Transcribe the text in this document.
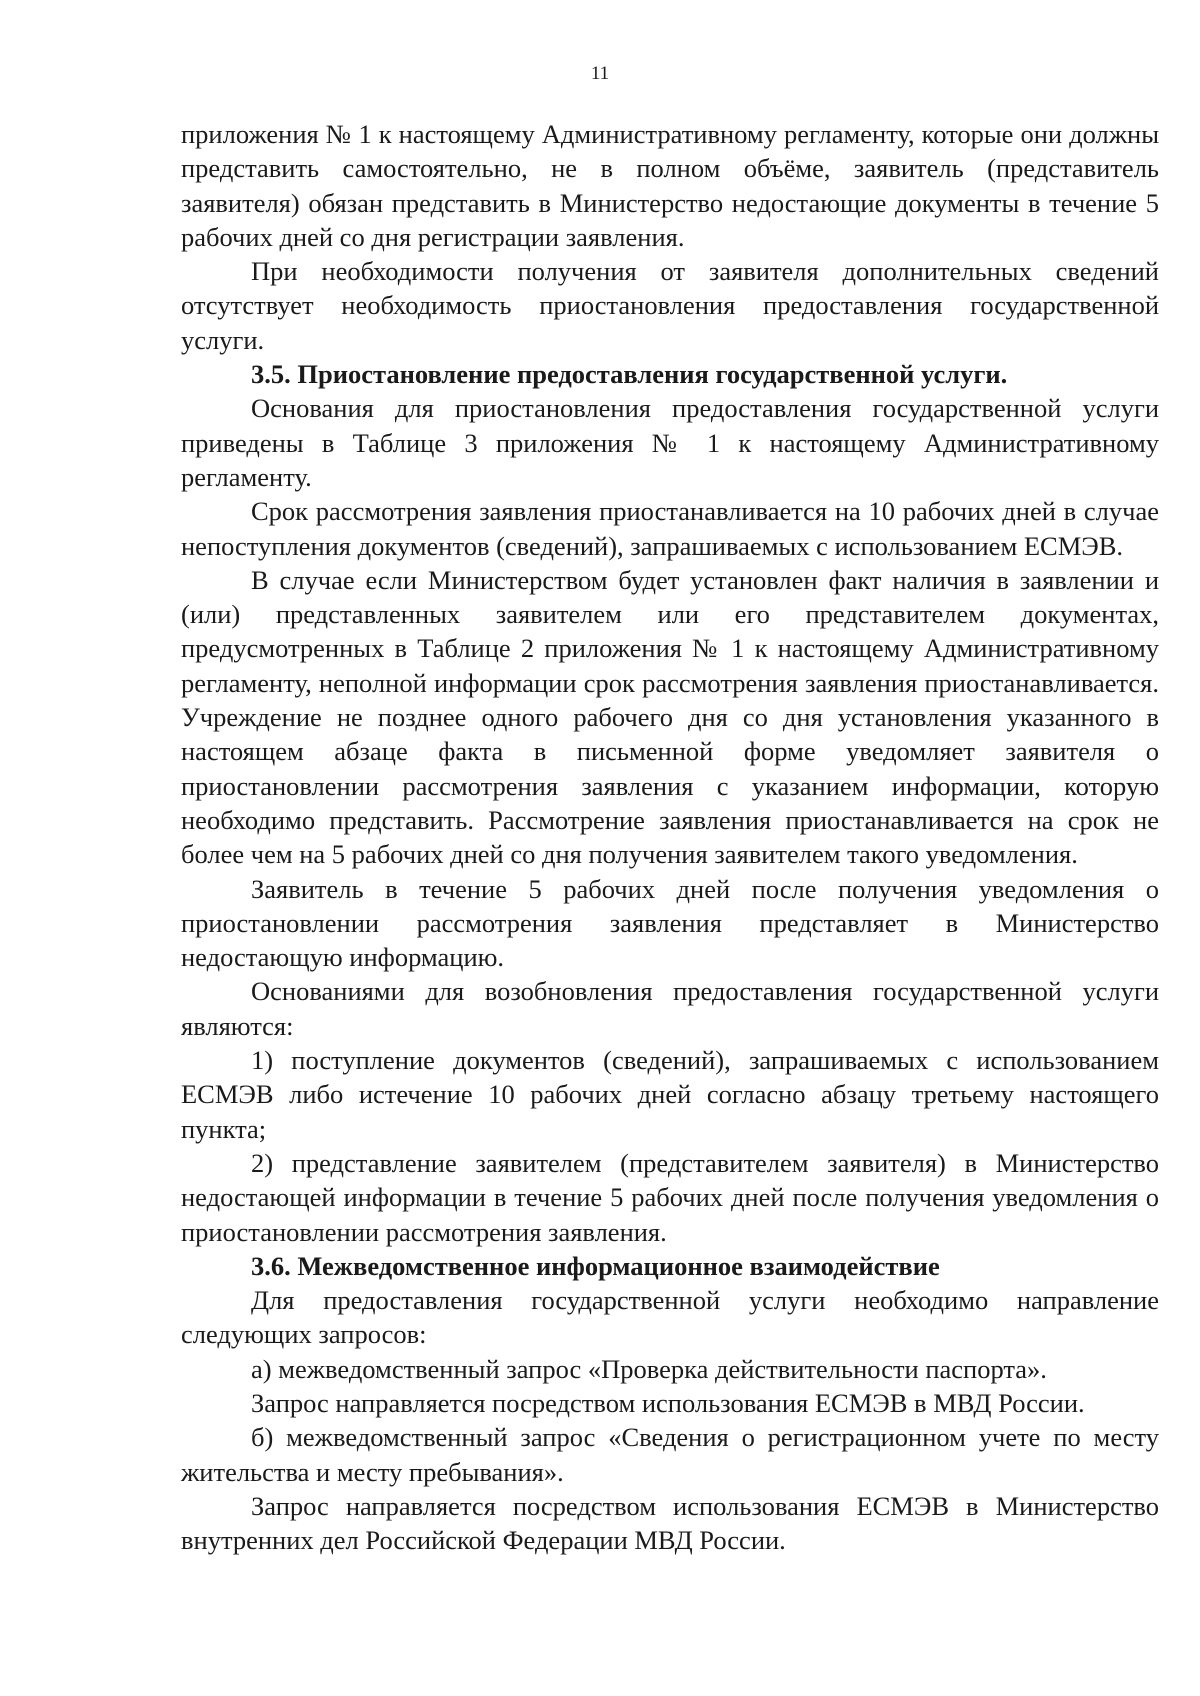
11

приложения № 1 к настоящему Административному регламенту, которые они должны представить самостоятельно, не в полном объёме, заявитель (представитель заявителя) обязан представить в Министерство недостающие документы в течение 5 рабочих дней со дня регистрации заявления.

При необходимости получения от заявителя дополнительных сведений отсутствует необходимость приостановления предоставления государственной услуги.

3.5. Приостановление предоставления государственной услуги.

Основания для приостановления предоставления государственной услуги приведены в Таблице 3 приложения № 1 к настоящему Административному регламенту.

Срок рассмотрения заявления приостанавливается на 10 рабочих дней в случае непоступления документов (сведений), запрашиваемых с использованием ЕСМЭВ.

В случае если Министерством будет установлен факт наличия в заявлении и (или) представленных заявителем или его представителем документах, предусмотренных в Таблице 2 приложения № 1 к настоящему Административному регламенту, неполной информации срок рассмотрения заявления приостанавливается. Учреждение не позднее одного рабочего дня со дня установления указанного в настоящем абзаце факта в письменной форме уведомляет заявителя о приостановлении рассмотрения заявления с указанием информации, которую необходимо представить. Рассмотрение заявления приостанавливается на срок не более чем на 5 рабочих дней со дня получения заявителем такого уведомления.

Заявитель в течение 5 рабочих дней после получения уведомления о приостановлении рассмотрения заявления представляет в Министерство недостающую информацию.

Основаниями для возобновления предоставления государственной услуги являются:

1) поступление документов (сведений), запрашиваемых с использованием ЕСМЭВ либо истечение 10 рабочих дней согласно абзацу третьему настоящего пункта;

2) представление заявителем (представителем заявителя) в Министерство недостающей информации в течение 5 рабочих дней после получения уведомления о приостановлении рассмотрения заявления.

3.6. Межведомственное информационное взаимодействие

Для предоставления государственной услуги необходимо направление следующих запросов:

а) межведомственный запрос «Проверка действительности паспорта».

Запрос направляется посредством использования ЕСМЭВ в МВД России.

б) межведомственный запрос «Сведения о регистрационном учете по месту жительства и месту пребывания».

Запрос направляется посредством использования ЕСМЭВ в Министерство внутренних дел Российской Федерации МВД России.
